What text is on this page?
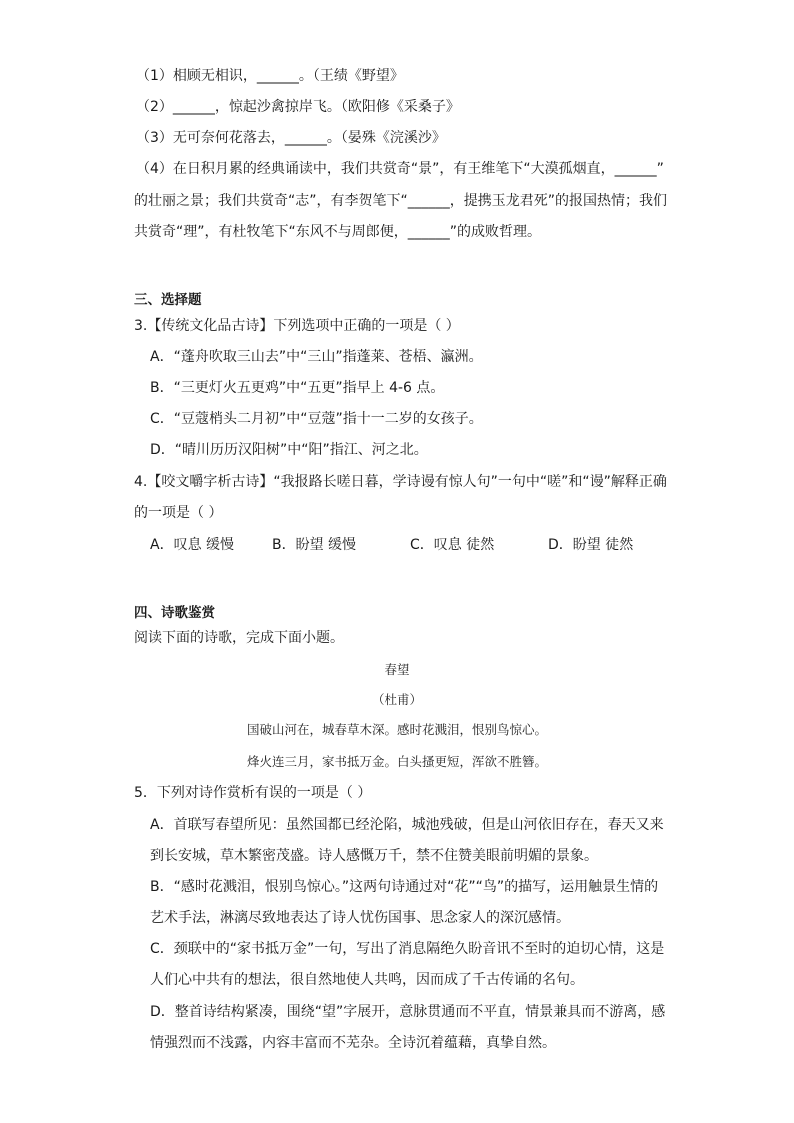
（1）相顾无相识，______。（王绩《野望》
（2）______，惊起沙禽掠岸飞。（欧阳修《采桑子》
（3）无可奈何花落去，______。（晏殊《浣溪沙》
（4）在日积月累的经典诵读中，我们共赏奇“景”，有王维笔下“大漠孤烟直，______”
的壮丽之景；我们共赏奇“志”，有李贺笔下“______，提携玉龙君死”的报国热情；我们
共赏奇“理”，有杜牧笔下“东风不与周郎便，______”的成败哲理。
三、选择题
3.【传统文化品古诗】下列选项中正确的一项是（ ）
A．“蓬舟吹取三山去”中“三山”指蓬莱、苍梧、瀛洲。
B．“三更灯火五更鸡”中“五更”指早上 4-6 点。
C．“豆蔻梢头二月初”中“豆蔻”指十一二岁的女孩子。
D．“晴川历历汉阳树”中“阳”指江、河之北。
4.【咬文嚼字析古诗】“我报路长嗟日暮，学诗谩有惊人句”一句中“嗟”和“谩”解释正确
的一项是（ ）
A．叹息 缓慢	B．盼望 缓慢	C．叹息 徒然	D．盼望 徒然
四、诗歌鉴赏
阅读下面的诗歌，完成下面小题。
春望
（杜甫）
国破山河在，城春草木深。感时花溅泪，恨别鸟惊心。
烽火连三月，家书抵万金。白头搔更短，浑欲不胜簪。
5．下列对诗作赏析有误的一项是（ ）
A．首联写春望所见：虽然国都已经沦陷，城池残破，但是山河依旧存在，春天又来
到长安城，草木繁密茂盛。诗人感慨万千，禁不住赞美眼前明媚的景象。
B．“感时花溅泪，恨别鸟惊心。”这两句诗通过对“花”“鸟”的描写，运用触景生情的
艺术手法，淋漓尽致地表达了诗人忧伤国事、思念家人的深沉感情。
C．颈联中的“家书抵万金”一句，写出了消息隔绝久盼音讯不至时的迫切心情，这是
人们心中共有的想法，很自然地使人共鸣，因而成了千古传诵的名句。
D．整首诗结构紧凑，围绕“望”字展开，意脉贯通而不平直，情景兼具而不游离，感
情强烈而不浅露，内容丰富而不芜杂。全诗沉着蕴藉，真挚自然。
